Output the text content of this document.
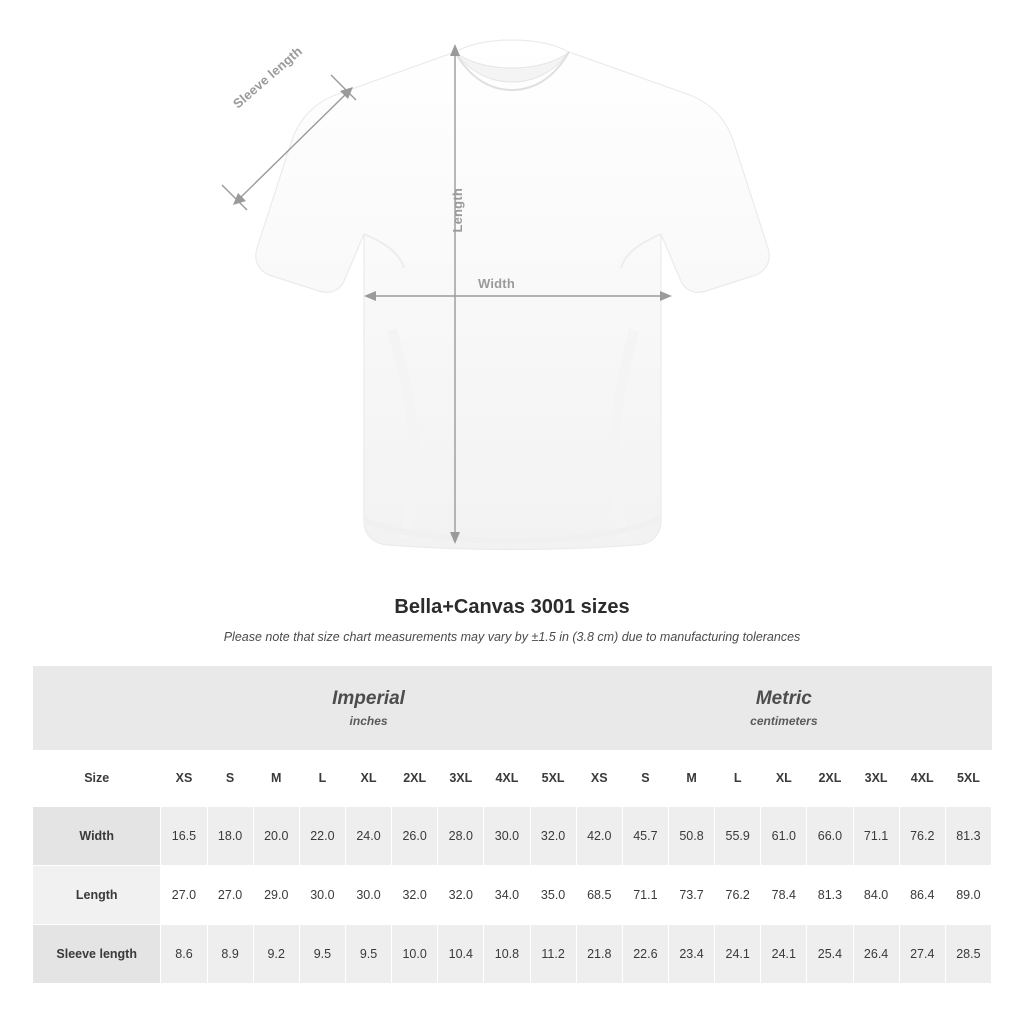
Width
Length
Sleeve length
Bella+Canvas 3001 sizes
Please note that size chart measurements may vary by ±1.5 in (3.8 cm) due to manufacturing tolerances

	Imperial
inches									Metric
centimeters								

Size	XS	S	M	L	XL	2XL	3XL	4XL	5XL	XS	S	M	L	XL	2XL	3XL	4XL	5XL
Width	16.5	18.0	20.0	22.0	24.0	26.0	28.0	30.0	32.0	42.0	45.7	50.8	55.9	61.0	66.0	71.1	76.2	81.3
Length	27.0	27.0	29.0	30.0	30.0	32.0	32.0	34.0	35.0	68.5	71.1	73.7	76.2	78.4	81.3	84.0	86.4	89.0
Sleeve length	8.6	8.9	9.2	9.5	9.5	10.0	10.4	10.8	11.2	21.8	22.6	23.4	24.1	24.1	25.4	26.4	27.4	28.5
